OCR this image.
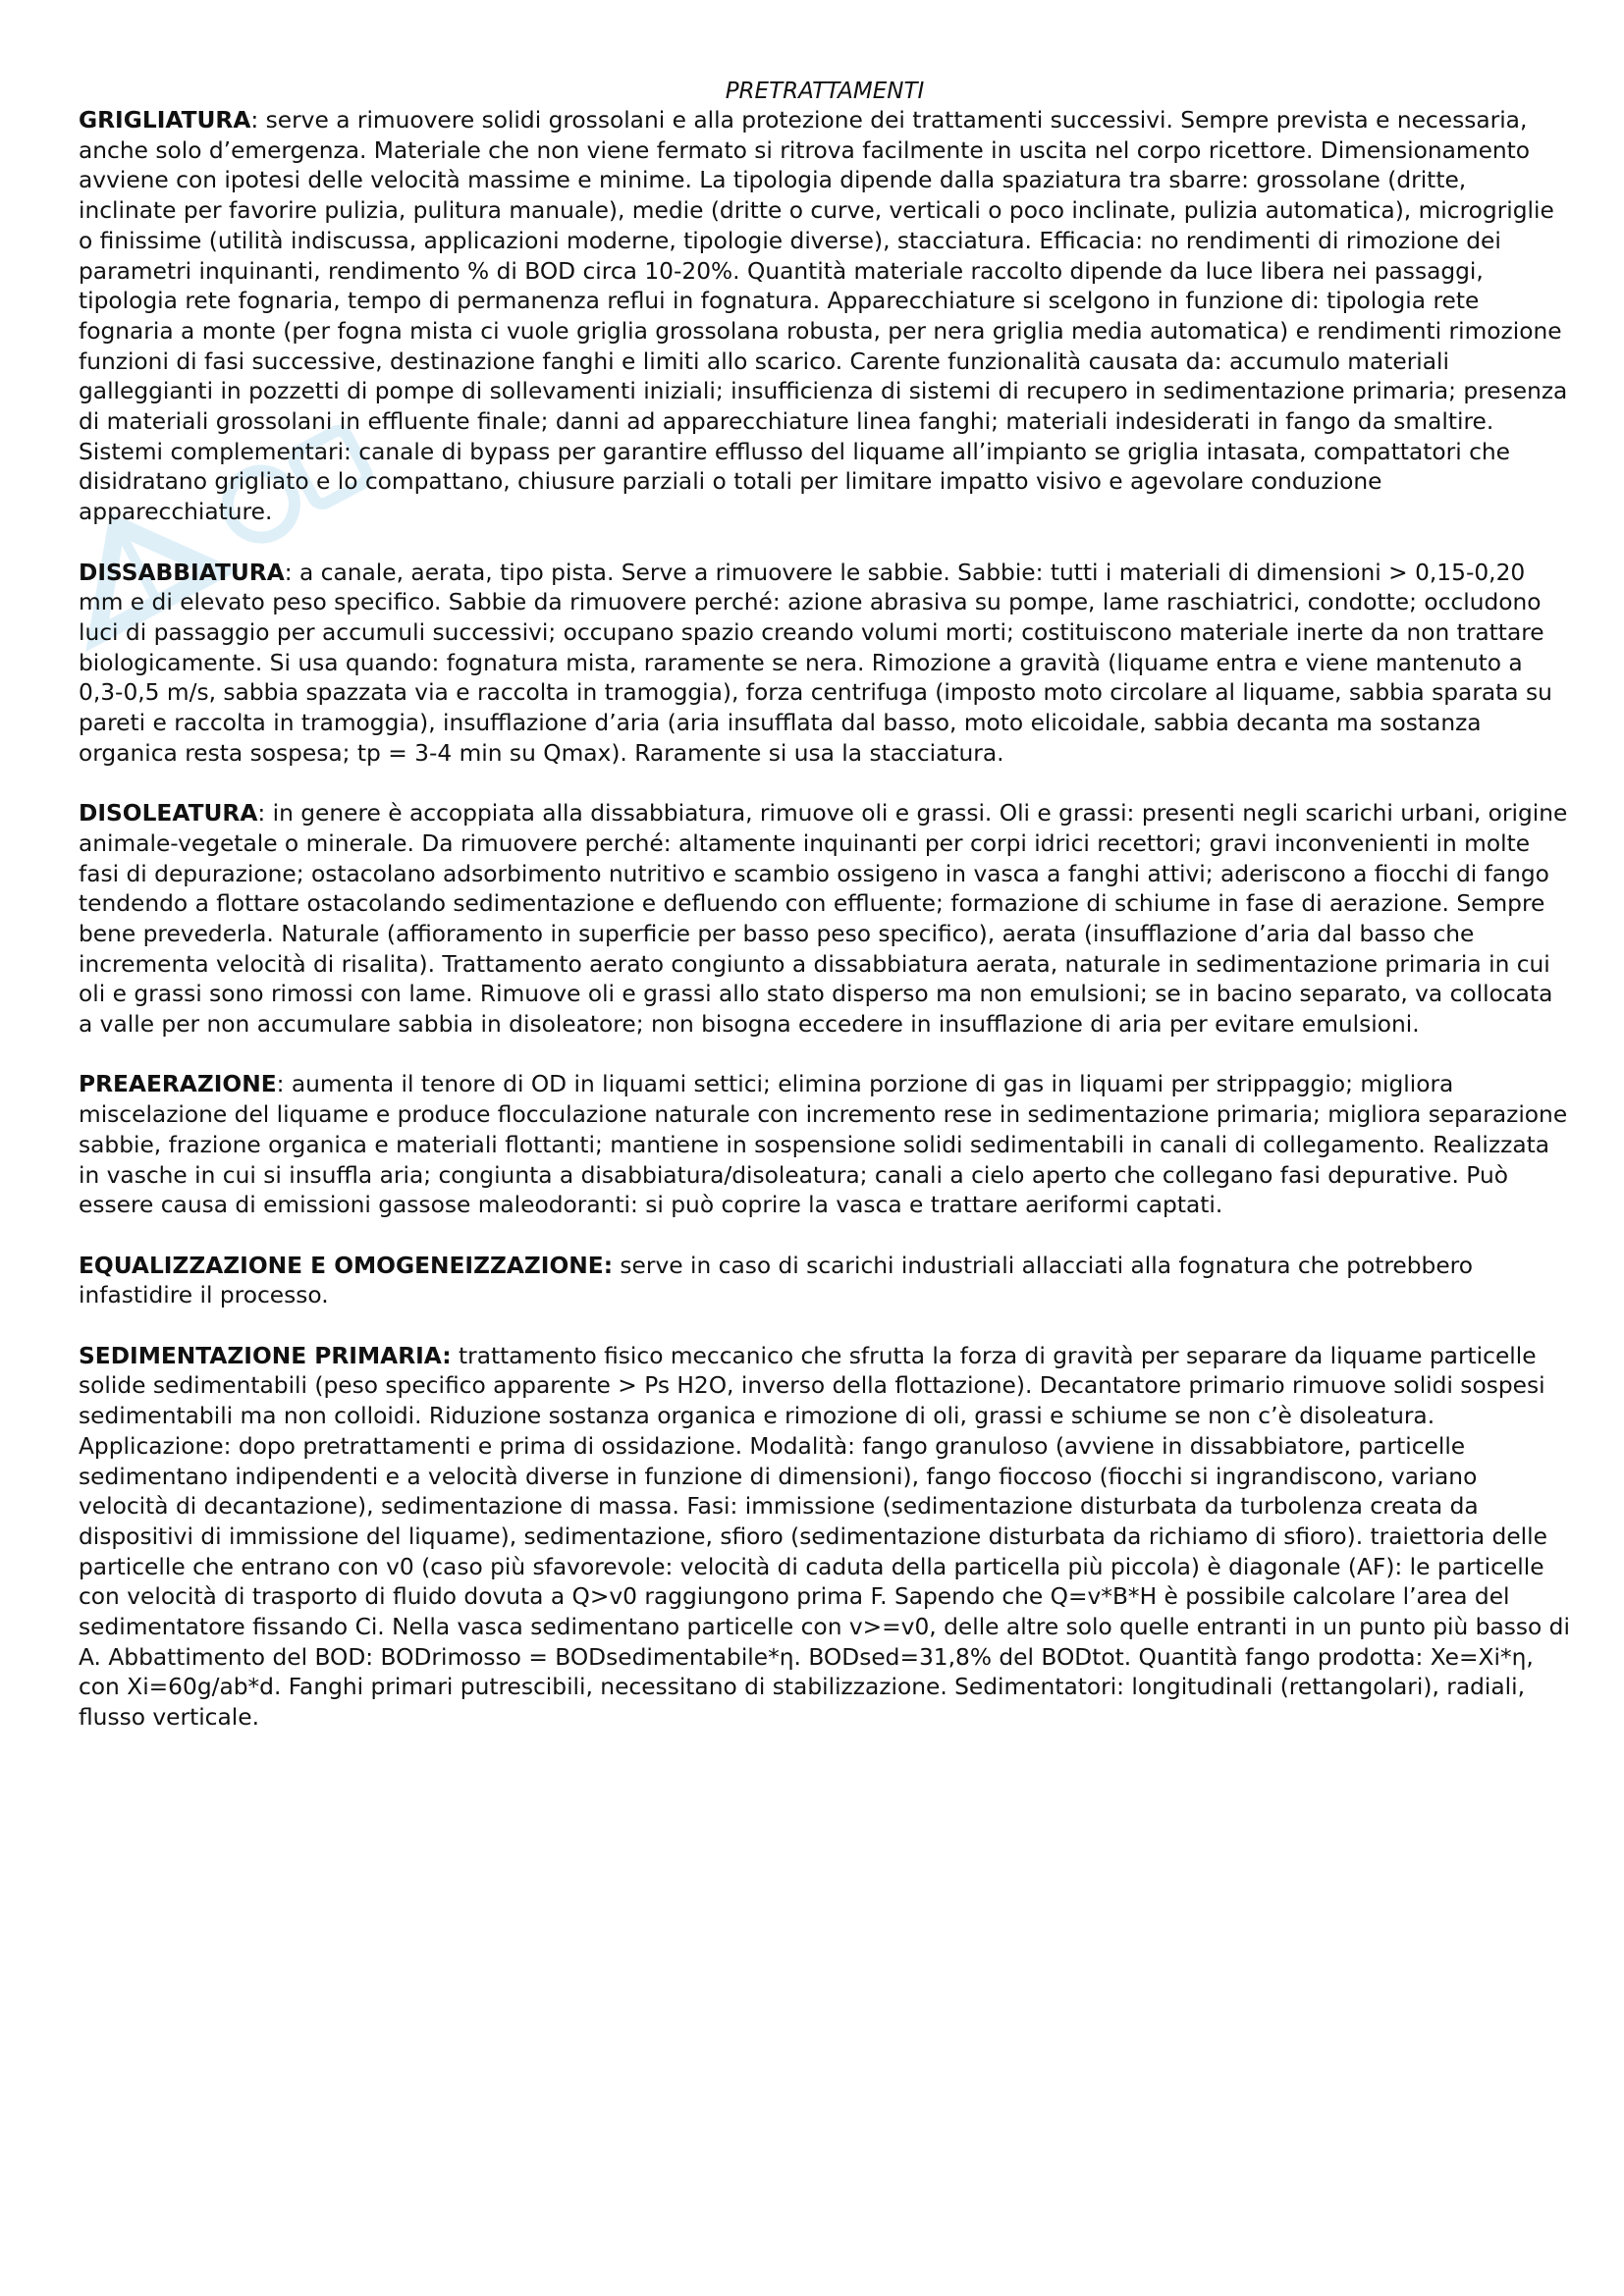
PRETRATTAMENTI

GRIGLIATURA: serve a rimuovere solidi grossolani e alla protezione dei trattamenti successivi. Sempre prevista e necessaria, anche solo d’emergenza. Materiale che non viene fermato si ritrova facilmente in uscita nel corpo ricettore. Dimensionamento avviene con ipotesi delle velocità massime e minime. La tipologia dipende dalla spaziatura tra sbarre: grossolane (dritte, inclinate per favorire pulizia, pulitura manuale), medie (dritte o curve, verticali o poco inclinate, pulizia automatica), microgriglie o finissime (utilità indiscussa, applicazioni moderne, tipologie diverse), stacciatura. Efficacia: no rendimenti di rimozione dei parametri inquinanti, rendimento % di BOD circa 10-20%. Quantità materiale raccolto dipende da luce libera nei passaggi, tipologia rete fognaria, tempo di permanenza reflui in fognatura. Apparecchiature si scelgono in funzione di: tipologia rete fognaria a monte (per fogna mista ci vuole griglia grossolana robusta, per nera griglia media automatica) e rendimenti rimozione funzioni di fasi successive, destinazione fanghi e limiti allo scarico. Carente funzionalità causata da: accumulo materiali galleggianti in pozzetti di pompe di sollevamenti iniziali; insufficienza di sistemi di recupero in sedimentazione primaria; presenza di materiali grossolani in effluente finale; danni ad apparecchiature linea fanghi; materiali indesiderati in fango da smaltire. Sistemi complementari: canale di bypass per garantire efflusso del liquame all’impianto se griglia intasata, compattatori che disidratano grigliato e lo compattano, chiusure parziali o totali per limitare impatto visivo e agevolare conduzione apparecchiature.

DISSABBIATURA: a canale, aerata, tipo pista. Serve a rimuovere le sabbie. Sabbie: tutti i materiali di dimensioni > 0,15-0,20 mm e di elevato peso specifico. Sabbie da rimuovere perché: azione abrasiva su pompe, lame raschiatrici, condotte; occludono luci di passaggio per accumuli successivi; occupano spazio creando volumi morti; costituiscono materiale inerte da non trattare biologicamente. Si usa quando: fognatura mista, raramente se nera. Rimozione a gravità (liquame entra e viene mantenuto a 0,3-0,5 m/s, sabbia spazzata via e raccolta in tramoggia), forza centrifuga (imposto moto circolare al liquame, sabbia sparata su pareti e raccolta in tramoggia), insufflazione d’aria (aria insufflata dal basso, moto elicoidale, sabbia decanta ma sostanza organica resta sospesa; tp = 3-4 min su Qmax). Raramente si usa la stacciatura.

DISOLEATURA: in genere è accoppiata alla dissabbiatura, rimuove oli e grassi. Oli e grassi: presenti negli scarichi urbani, origine animale-vegetale o minerale. Da rimuovere perché: altamente inquinanti per corpi idrici recettori; gravi inconvenienti in molte fasi di depurazione; ostacolano adsorbimento nutritivo e scambio ossigeno in vasca a fanghi attivi; aderiscono a fiocchi di fango tendendo a flottare ostacolando sedimentazione e defluendo con effluente; formazione di schiume in fase di aerazione. Sempre bene prevederla. Naturale (affioramento in superficie per basso peso specifico), aerata (insufflazione d’aria dal basso che incrementa velocità di risalita). Trattamento aerato congiunto a dissabbiatura aerata, naturale in sedimentazione primaria in cui oli e grassi sono rimossi con lame. Rimuove oli e grassi allo stato disperso ma non emulsioni; se in bacino separato, va collocata a valle per non accumulare sabbia in disoleatore; non bisogna eccedere in insufflazione di aria per evitare emulsioni.

PREAERAZIONE: aumenta il tenore di OD in liquami settici; elimina porzione di gas in liquami per strippaggio; migliora miscelazione del liquame e produce flocculazione naturale con incremento rese in sedimentazione primaria; migliora separazione sabbie, frazione organica e materiali flottanti; mantiene in sospensione solidi sedimentabili in canali di collegamento. Realizzata in vasche in cui si insuffla aria; congiunta a disabbiatura/disoleatura; canali a cielo aperto che collegano fasi depurative. Può essere causa di emissioni gassose maleodoranti: si può coprire la vasca e trattare aeriformi captati.

EQUALIZZAZIONE E OMOGENEIZZAZIONE: serve in caso di scarichi industriali allacciati alla fognatura che potrebbero infastidire il processo.

SEDIMENTAZIONE PRIMARIA: trattamento fisico meccanico che sfrutta la forza di gravità per separare da liquame particelle solide sedimentabili (peso specifico apparente > Ps H2O, inverso della flottazione). Decantatore primario rimuove solidi sospesi sedimentabili ma non colloidi. Riduzione sostanza organica e rimozione di oli, grassi e schiume se non c’è disoleatura. Applicazione: dopo pretrattamenti e prima di ossidazione. Modalità: fango granuloso (avviene in dissabbiatore, particelle sedimentano indipendenti e a velocità diverse in funzione di dimensioni), fango fioccoso (fiocchi si ingrandiscono, variano velocità di decantazione), sedimentazione di massa. Fasi: immissione (sedimentazione disturbata da turbolenza creata da dispositivi di immissione del liquame), sedimentazione, sfioro (sedimentazione disturbata da richiamo di sfioro). traiettoria delle particelle che entrano con v0 (caso più sfavorevole: velocità di caduta della particella più piccola) è diagonale (AF): le particelle con velocità di trasporto di fluido dovuta a Q>v0 raggiungono prima F. Sapendo che Q=v*B*H è possibile calcolare l’area del sedimentatore fissando Ci. Nella vasca sedimentano particelle con v>=v0, delle altre solo quelle entranti in un punto più basso di A. Abbattimento del BOD: BODrimosso = BODsedimentabile*η. BODsed=31,8% del BODtot. Quantità fango prodotta: Xe=Xi*η, con Xi=60g/ab*d. Fanghi primari putrescibili, necessitano di stabilizzazione. Sedimentatori: longitudinali (rettangolari), radiali, flusso verticale.
